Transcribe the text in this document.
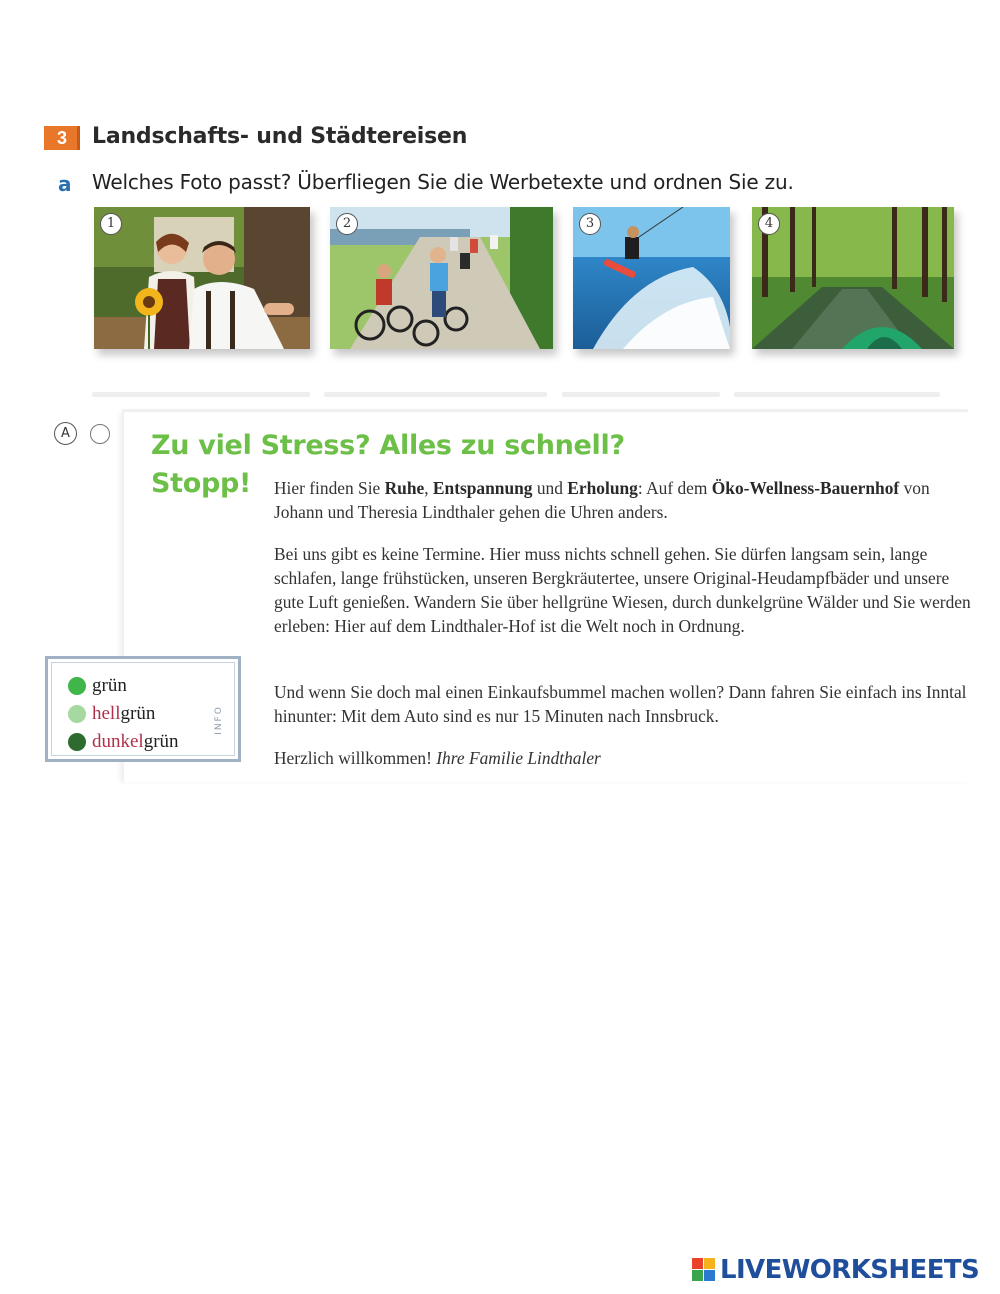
3	Landschafts- und Städtereisen
a Welches Foto passt? Überfliegen Sie die Werbetexte und ordnen Sie zu.
1	2	3	4
A	Zu viel Stress? Alles zu schnell?
Stopp! Hier finden Sie Ruhe, Entspannung und Erholung: Auf dem Öko-Wellness-Bauernhof von Johann und Theresia Lindthaler gehen die Uhren anders.
Bei uns gibt es keine Termine. Hier muss nichts schnell gehen. Sie dürfen langsam sein, lange schlafen, lange frühstücken, unseren Bergkräutertee, unsere Original-Heudampfbäder und unsere gute Luft genießen. Wandern Sie über hellgrüne Wiesen, durch dunkelgrüne Wälder und Sie werden erleben: Hier auf dem Lindthaler-Hof ist die Welt noch in Ordnung.
Und wenn Sie doch mal einen Einkaufsbummel machen wollen? Dann fahren Sie einfach ins Inntal hinunter: Mit dem Auto sind es nur 15 Minuten nach Innsbruck.
Herzlich willkommen! Ihre Familie Lindthaler
grün
hellgrün
dunkelgrün
INFO
LIVEWORKSHEETS
